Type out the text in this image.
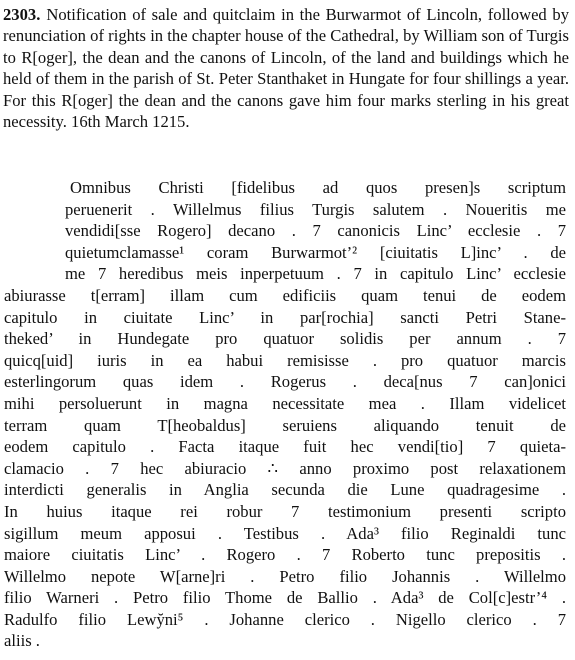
2303. Notification of sale and quitclaim in the Burwarmot of Lincoln, followed by renunciation of rights in the chapter house of the Cathedral, by William son of Turgis to R[oger], the dean and the canons of Lincoln, of the land and buildings which he held of them in the parish of St. Peter Stanthaket in Hungate for four shillings a year. For this R[oger] the dean and the canons gave him four marks sterling in his great necessity. 16th March 1215.

Omnibus Christi [fidelibus ad quos presen]s scriptum
peruenerit . Willelmus filius Turgis salutem . Noueritis me
vendidi[sse Rogero] decano . 7 canonicis Linc’ ecclesie . 7
quietumclamasse¹ coram Burwarmot’² [ciuitatis L]inc’ . de
me 7 heredibus meis inperpetuum . 7 in capitulo Linc’ ecclesie
abiurasse t[erram] illam cum edificiis quam tenui de eodem
capitulo in ciuitate Linc’ in par[rochia] sancti Petri Stane-
theked’ in Hundegate pro quatuor solidis per annum . 7
quicq[uid] iuris in ea habui remisisse . pro quatuor marcis
esterlingorum quas idem . Rogerus . deca[nus 7 can]onici
mihi persoluerunt in magna necessitate mea . Illam videlicet
terram quam T[heobaldus] seruiens aliquando tenuit de
eodem capitulo . Facta itaque fuit hec vendi[tio] 7 quieta-
clamacio . 7 hec abiuracio ∴ anno proximo post relaxationem
interdicti generalis in Anglia secunda die Lune quadragesime .
In huius itaque rei robur 7 testimonium presenti scripto
sigillum meum apposui . Testibus . Ada³ filio Reginaldi tunc
maiore ciuitatis Linc’ . Rogero . 7 Roberto tunc prepositis .
Willelmo nepote W[arne]ri . Petro filio Johannis . Willelmo
filio Warneri . Petro filio Thome de Ballio . Ada³ de Col[c]estr’⁴ .
Radulfo filio Lewy̆ni⁵ . Johanne clerico . Nigello clerico . 7
aliis .
